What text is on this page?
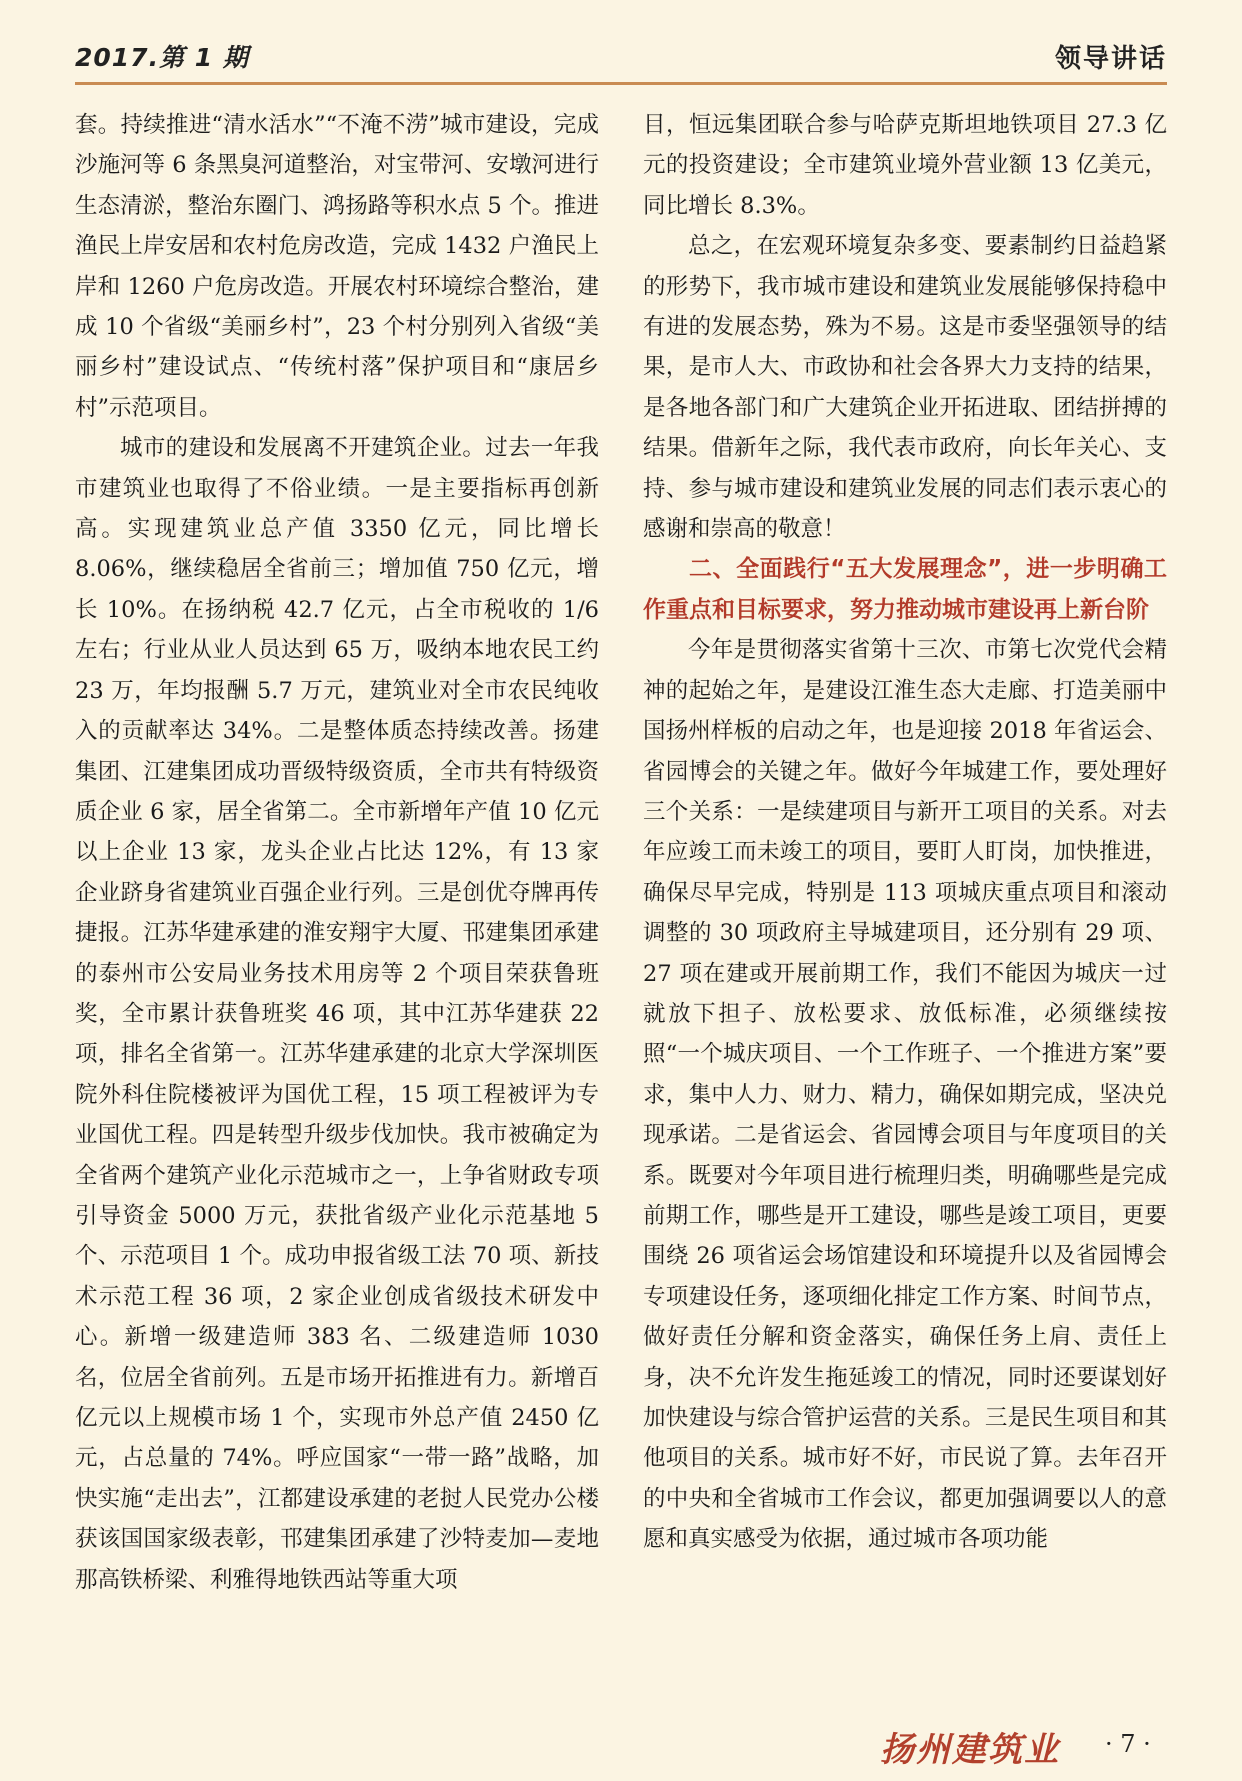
2017.第 1 期	领导讲话

套。持续推进“清水活水”“不淹不涝”城市建设，完成沙施河等 6 条黑臭河道整治，对宝带河、安墩河进行生态清淤，整治东圈门、鸿扬路等积水点 5 个。推进渔民上岸安居和农村危房改造，完成 1432 户渔民上岸和 1260 户危房改造。开展农村环境综合整治，建成 10 个省级“美丽乡村”，23 个村分别列入省级“美丽乡村”建设试点、“传统村落”保护项目和“康居乡村”示范项目。

城市的建设和发展离不开建筑企业。过去一年我市建筑业也取得了不俗业绩。一是主要指标再创新高。实现建筑业总产值 3350 亿元，同比增长 8.06%，继续稳居全省前三；增加值 750 亿元，增长 10%。在扬纳税 42.7 亿元，占全市税收的 1/6 左右；行业从业人员达到 65 万，吸纳本地农民工约 23 万，年均报酬 5.7 万元，建筑业对全市农民纯收入的贡献率达 34%。二是整体质态持续改善。扬建集团、江建集团成功晋级特级资质，全市共有特级资质企业 6 家，居全省第二。全市新增年产值 10 亿元以上企业 13 家，龙头企业占比达 12%，有 13 家企业跻身省建筑业百强企业行列。三是创优夺牌再传捷报。江苏华建承建的淮安翔宇大厦、邗建集团承建的泰州市公安局业务技术用房等 2 个项目荣获鲁班奖，全市累计获鲁班奖 46 项，其中江苏华建获 22 项，排名全省第一。江苏华建承建的北京大学深圳医院外科住院楼被评为国优工程，15 项工程被评为专业国优工程。四是转型升级步伐加快。我市被确定为全省两个建筑产业化示范城市之一，上争省财政专项引导资金 5000 万元，获批省级产业化示范基地 5 个、示范项目 1 个。成功申报省级工法 70 项、新技术示范工程 36 项，2 家企业创成省级技术研发中心。新增一级建造师 383 名、二级建造师 1030 名，位居全省前列。五是市场开拓推进有力。新增百亿元以上规模市场 1 个，实现市外总产值 2450 亿元，占总量的 74%。呼应国家“一带一路”战略，加快实施“走出去”，江都建设承建的老挝人民党办公楼获该国国家级表彰，邗建集团承建了沙特麦加—麦地那高铁桥梁、利雅得地铁西站等重大项

目，恒远集团联合参与哈萨克斯坦地铁项目 27.3 亿元的投资建设；全市建筑业境外营业额 13 亿美元，同比增长 8.3%。

总之，在宏观环境复杂多变、要素制约日益趋紧的形势下，我市城市建设和建筑业发展能够保持稳中有进的发展态势，殊为不易。这是市委坚强领导的结果，是市人大、市政协和社会各界大力支持的结果，是各地各部门和广大建筑企业开拓进取、团结拼搏的结果。借新年之际，我代表市政府，向长年关心、支持、参与城市建设和建筑业发展的同志们表示衷心的感谢和崇高的敬意！

二、全面践行“五大发展理念”，进一步明确工作重点和目标要求，努力推动城市建设再上新台阶

今年是贯彻落实省第十三次、市第七次党代会精神的起始之年，是建设江淮生态大走廊、打造美丽中国扬州样板的启动之年，也是迎接 2018 年省运会、省园博会的关键之年。做好今年城建工作，要处理好三个关系：一是续建项目与新开工项目的关系。对去年应竣工而未竣工的项目，要盯人盯岗，加快推进，确保尽早完成，特别是 113 项城庆重点项目和滚动调整的 30 项政府主导城建项目，还分别有 29 项、27 项在建或开展前期工作，我们不能因为城庆一过就放下担子、放松要求、放低标准，必须继续按照“一个城庆项目、一个工作班子、一个推进方案”要求，集中人力、财力、精力，确保如期完成，坚决兑现承诺。二是省运会、省园博会项目与年度项目的关系。既要对今年项目进行梳理归类，明确哪些是完成前期工作，哪些是开工建设，哪些是竣工项目，更要围绕 26 项省运会场馆建设和环境提升以及省园博会专项建设任务，逐项细化排定工作方案、时间节点，做好责任分解和资金落实，确保任务上肩、责任上身，决不允许发生拖延竣工的情况，同时还要谋划好加快建设与综合管护运营的关系。三是民生项目和其他项目的关系。城市好不好，市民说了算。去年召开的中央和全省城市工作会议，都更加强调要以人的意愿和真实感受为依据，通过城市各项功能

扬州建筑业 · 7 ·
